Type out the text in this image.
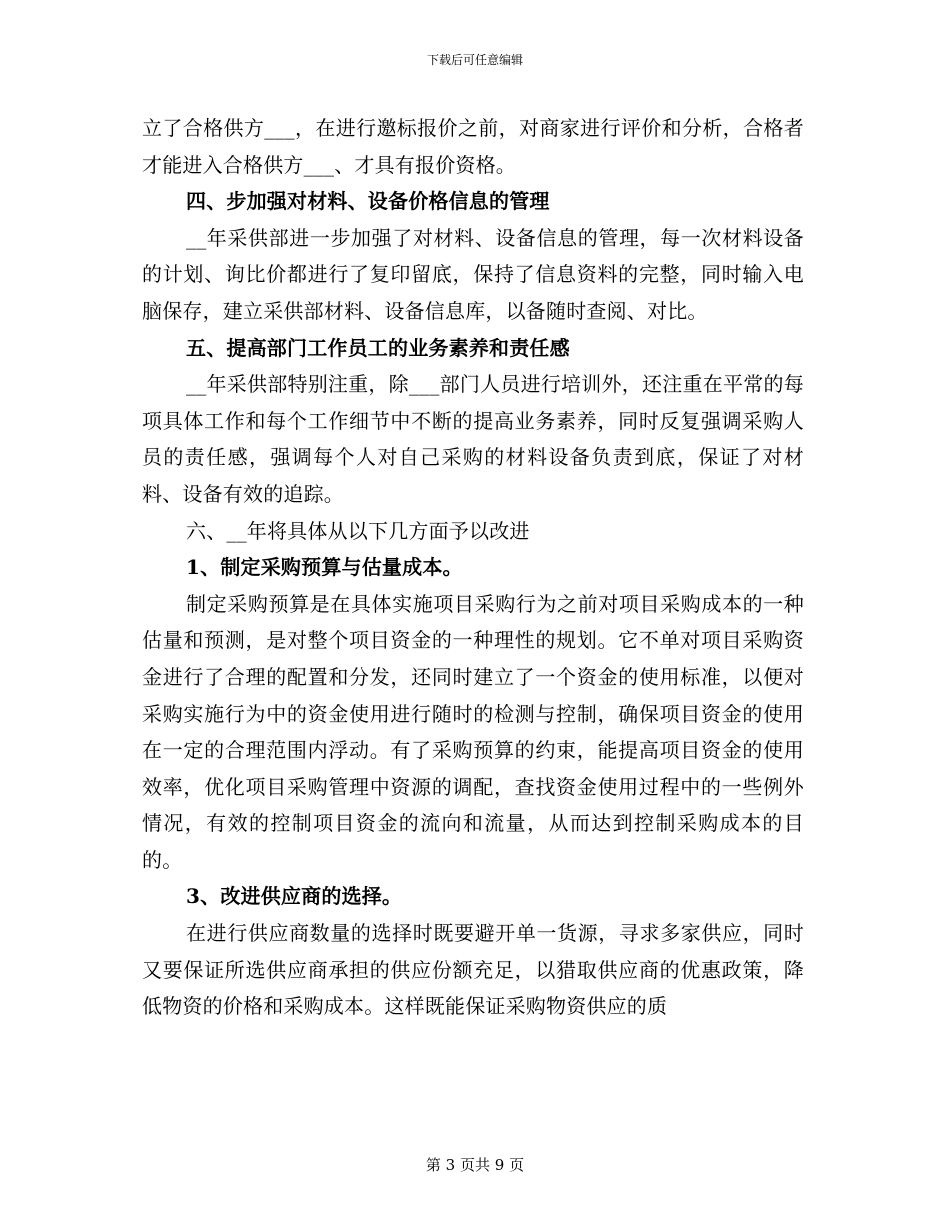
下载后可任意编辑

立了合格供方___，在进行邀标报价之前，对商家进行评价和分析，合格者才能进入合格供方___、才具有报价资格。

四、步加强对材料、设备价格信息的管理

__年采供部进一步加强了对材料、设备信息的管理，每一次材料设备的计划、询比价都进行了复印留底，保持了信息资料的完整，同时输入电脑保存，建立采供部材料、设备信息库，以备随时查阅、对比。

五、提高部门工作员工的业务素养和责任感

__年采供部特别注重，除___部门人员进行培训外，还注重在平常的每项具体工作和每个工作细节中不断的提高业务素养，同时反复强调采购人员的责任感，强调每个人对自己采购的材料设备负责到底，保证了对材料、设备有效的追踪。

六、__年将具体从以下几方面予以改进

1、制定采购预算与估量成本。

制定采购预算是在具体实施项目采购行为之前对项目采购成本的一种估量和预测，是对整个项目资金的一种理性的规划。它不单对项目采购资金进行了合理的配置和分发，还同时建立了一个资金的使用标准，以便对采购实施行为中的资金使用进行随时的检测与控制，确保项目资金的使用在一定的合理范围内浮动。有了采购预算的约束，能提高项目资金的使用效率，优化项目采购管理中资源的调配，查找资金使用过程中的一些例外情况，有效的控制项目资金的流向和流量，从而达到控制采购成本的目的。

3、改进供应商的选择。

在进行供应商数量的选择时既要避开单一货源，寻求多家供应，同时又要保证所选供应商承担的供应份额充足，以猎取供应商的优惠政策，降低物资的价格和采购成本。这样既能保证采购物资供应的质

第 3 页共 9 页
